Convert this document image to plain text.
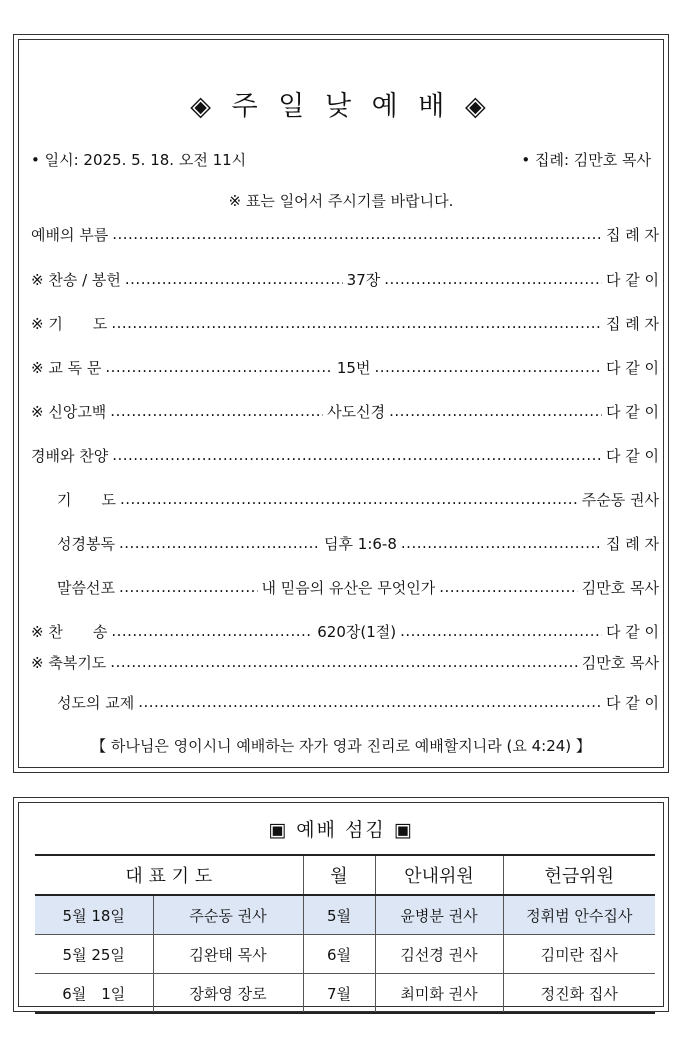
◈ 주 일 낮 예 배 ◈
• 일시: 2025. 5. 18. 오전 11시	• 집례: 김만호 목사
※ 표는 일어서 주시기를 바랍니다.
예배의 부름 .....	집 례 자
※ 찬송 / 봉헌 .....	37장 .....	다 같 이
※ 기　　도 .....	집 례 자
※ 교 독 문 .....	15번 .....	다 같 이
※ 신앙고백 .....	사도신경 .....	다 같 이
경배와 찬양 .....	다 같 이
기　　도 .....	주순동 권사
성경봉독 .....	딤후 1:6-8 .....	집 례 자
말씀선포 .....	내 믿음의 유산은 무엇인가 .....	김만호 목사
※ 찬　　송 .....	620장(1절) .....	다 같 이
※ 축복기도 .....	김만호 목사
성도의 교제 .....	다 같 이
【 하나님은 영이시니 예배하는 자가 영과 진리로 예배할지니라 (요 4:24) 】
▣ 예배 섬김 ▣
대 표 기 도		월	안내위원	헌금위원
5월 18일	주순동 권사	5월	윤병분 권사	정휘범 안수집사
5월 25일	김완태 목사	6월	김선경 권사	김미란 집사
6월　1일	장화영 장로	7월	최미화 권사	정진화 집사
